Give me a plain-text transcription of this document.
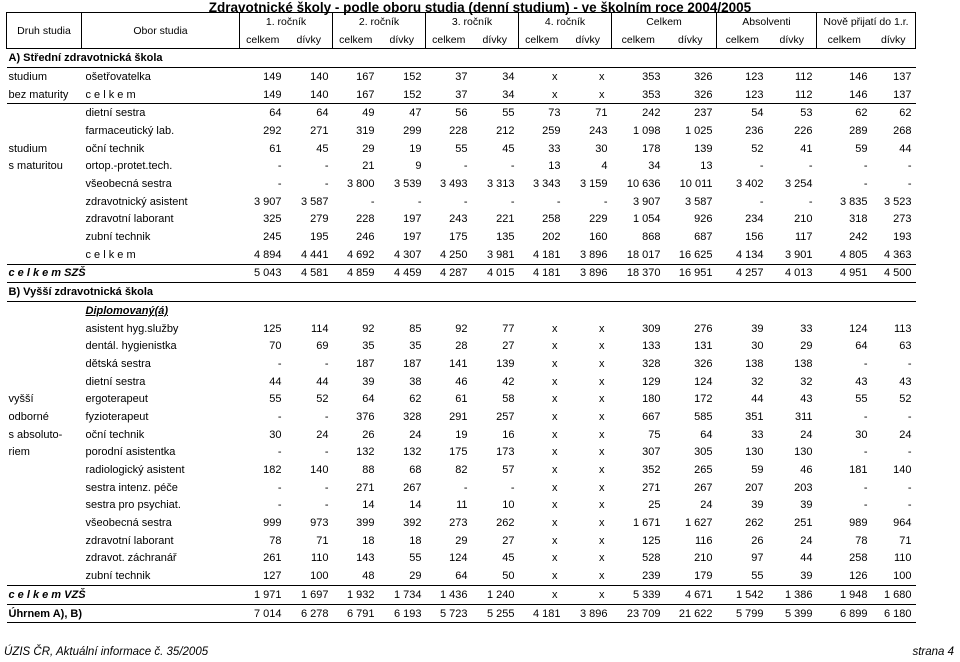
Zdravotnické školy - podle oboru studia (denní studium) - ve školním roce 2004/2005
Druh studia	Obor studia	1. ročník		2. ročník		3. ročník		4. ročník		Celkem		Absolventi		Nově přijatí do 1.r.	
		celkem	dívky	celkem	dívky	celkem	dívky	celkem	dívky	celkem	dívky	celkem	dívky	celkem	dívky
A) Střední zdravotnická škola															
studium	ošetřovatelka	149	140	167	152	37	34	x	x	353	326	123	112	146	137
bez maturity	c e l k e m	149	140	167	152	37	34	x	x	353	326	123	112	146	137
	dietní sestra	64	64	49	47	56	55	73	71	242	237	54	53	62	62
	farmaceutický lab.	292	271	319	299	228	212	259	243	1 098	1 025	236	226	289	268
studium	oční technik	61	45	29	19	55	45	33	30	178	139	52	41	59	44
s maturitou	ortop.-protet.tech.	-	-	21	9	-	-	13	4	34	13	-	-	-	-
	všeobecná sestra	-	-	3 800	3 539	3 493	3 313	3 343	3 159	10 636	10 011	3 402	3 254	-	-
	zdravotnický asistent	3 907	3 587	-	-	-	-	-	-	3 907	3 587	-	-	3 835	3 523
	zdravotní laborant	325	279	228	197	243	221	258	229	1 054	926	234	210	318	273
	zubní technik	245	195	246	197	175	135	202	160	868	687	156	117	242	193
	c e l k e m	4 894	4 441	4 692	4 307	4 250	3 981	4 181	3 896	18 017	16 625	4 134	3 901	4 805	4 363
c e l k e m SZŠ		5 043	4 581	4 859	4 459	4 287	4 015	4 181	3 896	18 370	16 951	4 257	4 013	4 951	4 500
B) Vyšší zdravotnická škola															
	Diplomovaný(á)														
	asistent hyg.služby	125	114	92	85	92	77	x	x	309	276	39	33	124	113
	dentál. hygienistka	70	69	35	35	28	27	x	x	133	131	30	29	64	63
	dětská sestra	-	-	187	187	141	139	x	x	328	326	138	138	-	-
	dietní sestra	44	44	39	38	46	42	x	x	129	124	32	32	43	43
vyšší	ergoterapeut	55	52	64	62	61	58	x	x	180	172	44	43	55	52
odborné	fyzioterapeut	-	-	376	328	291	257	x	x	667	585	351	311	-	-
s absoluto-	oční technik	30	24	26	24	19	16	x	x	75	64	33	24	30	24
riem	porodní asistentka	-	-	132	132	175	173	x	x	307	305	130	130	-	-
	radiologický asistent	182	140	88	68	82	57	x	x	352	265	59	46	181	140
	sestra intenz. péče	-	-	271	267	-	-	x	x	271	267	207	203	-	-
	sestra pro psychiat.	-	-	14	14	11	10	x	x	25	24	39	39	-	-
	všeobecná sestra	999	973	399	392	273	262	x	x	1 671	1 627	262	251	989	964
	zdravotní laborant	78	71	18	18	29	27	x	x	125	116	26	24	78	71
	zdravot. záchranář	261	110	143	55	124	45	x	x	528	210	97	44	258	110
	zubní technik	127	100	48	29	64	50	x	x	239	179	55	39	126	100
c e l k e m VZŠ		1 971	1 697	1 932	1 734	1 436	1 240	x	x	5 339	4 671	1 542	1 386	1 948	1 680
Úhrnem A), B)		7 014	6 278	6 791	6 193	5 723	5 255	4 181	3 896	23 709	21 622	5 799	5 399	6 899	6 180
ÚZIS ČR, Aktuální informace č. 35/2005	strana 4
